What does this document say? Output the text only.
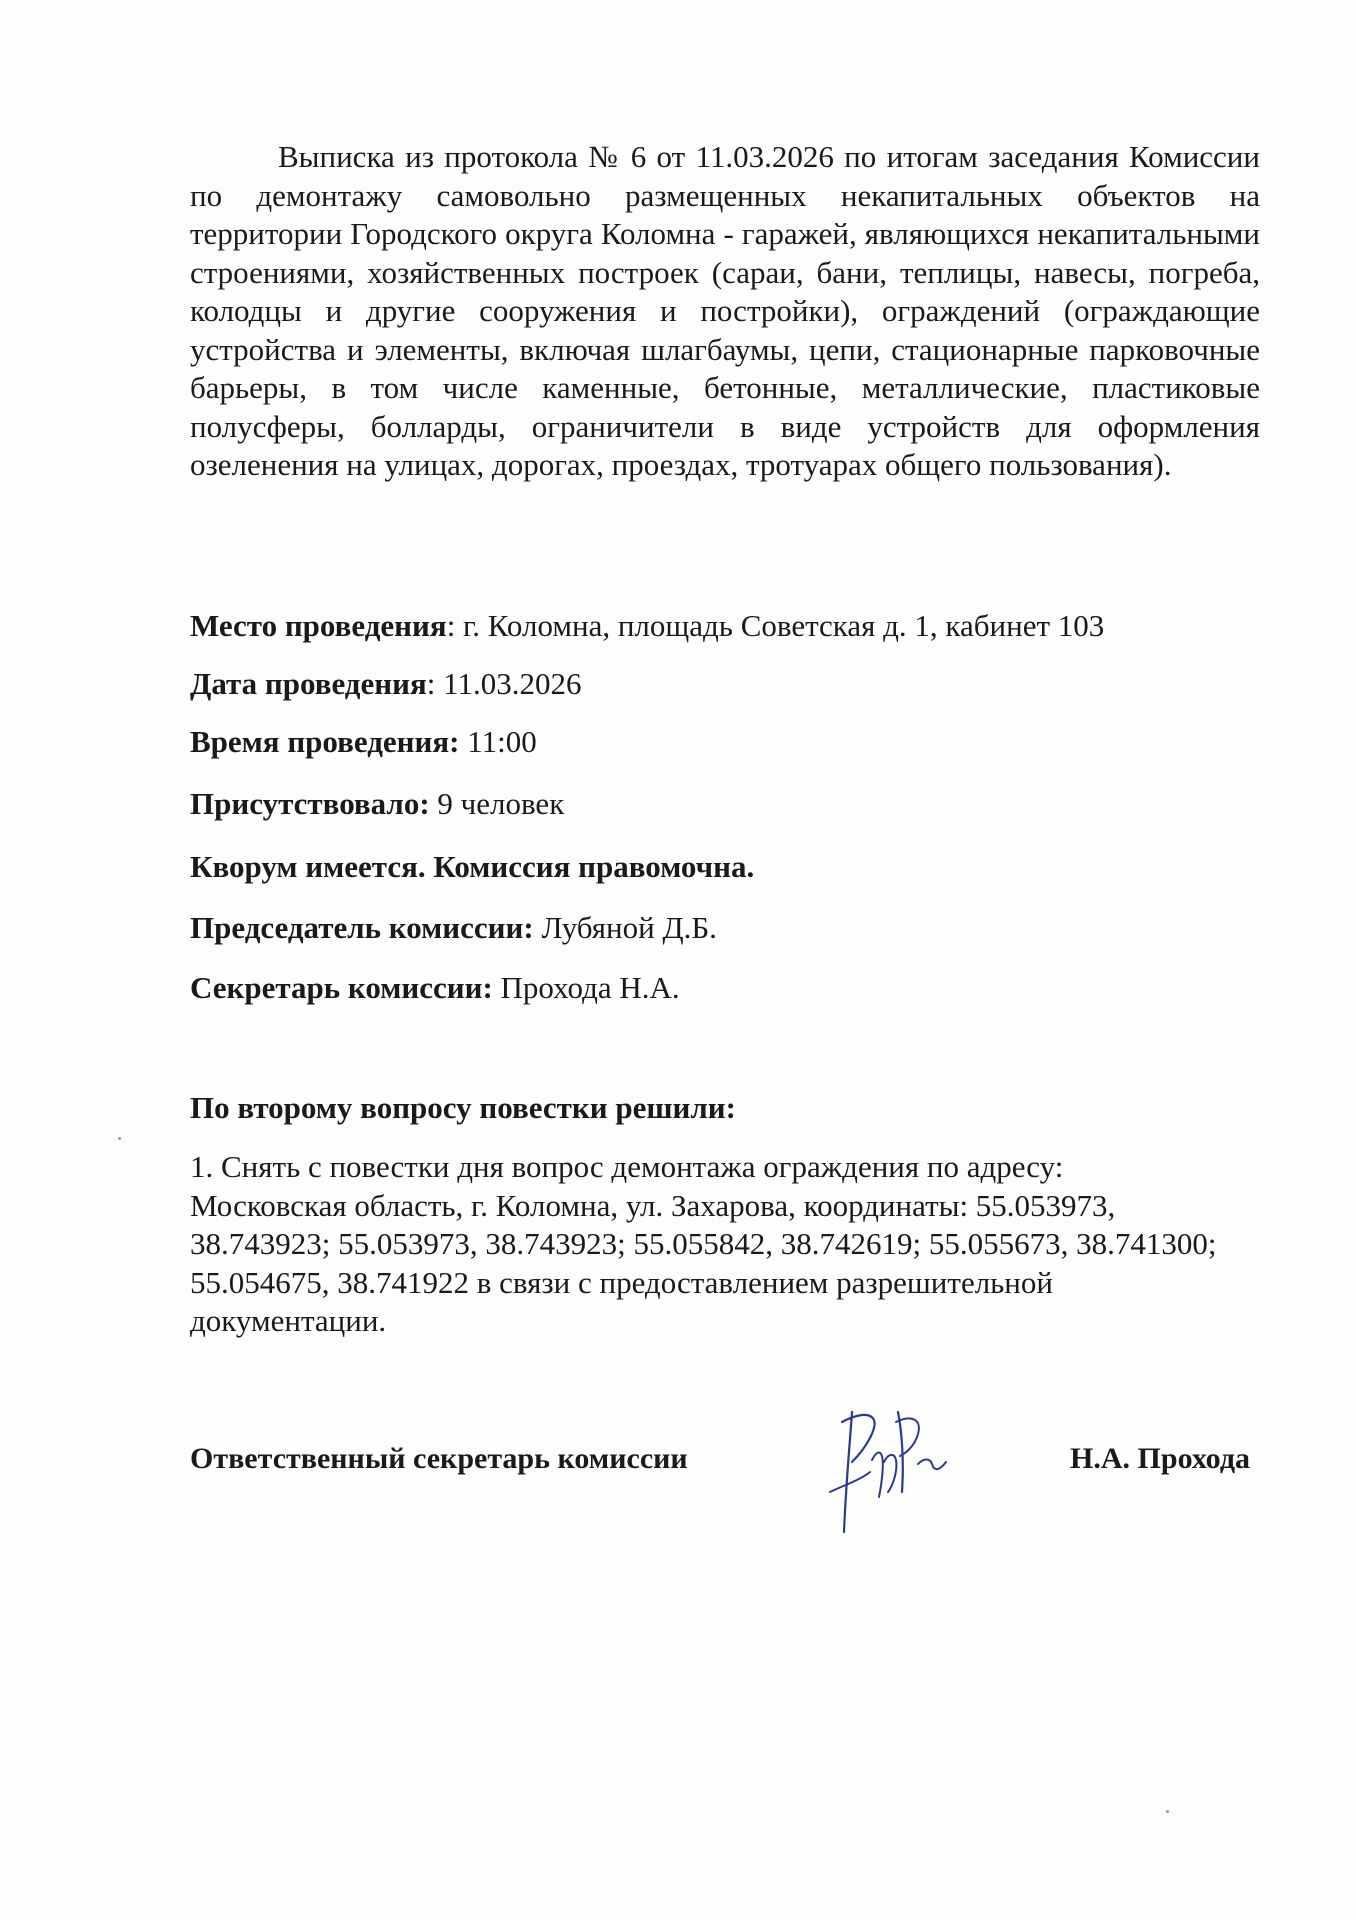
Выписка из протокола № 6 от 11.03.2026 по итогам заседания Комиссии по демонтажу самовольно размещенных некапитальных объектов на территории Городского округа Коломна - гаражей, являющихся некапитальными строениями, хозяйственных построек (сараи, бани, теплицы, навесы, погреба, колодцы и другие сооружения и постройки), ограждений (ограждающие устройства и элементы, включая шлагбаумы, цепи, стационарные парковочные барьеры, в том числе каменные, бетонные, металлические, пластиковые полусферы, болларды, ограничители в виде устройств для оформления озеленения на улицах, дорогах, проездах, тротуарах общего пользования).

Место проведения: г. Коломна, площадь Советская д. 1, кабинет 103

Дата проведения: 11.03.2026

Время проведения: 11:00

Присутствовало: 9 человек

Кворум имеется. Комиссия правомочна.

Председатель комиссии: Лубяной Д.Б.

Секретарь комиссии: Прохода Н.А.

По второму вопросу повестки решили:

1. Снять с повестки дня вопрос демонтажа ограждения по адресу:
Московская область, г. Коломна, ул. Захарова, координаты: 55.053973,
38.743923; 55.053973, 38.743923; 55.055842, 38.742619; 55.055673, 38.741300;
55.054675, 38.741922 в связи с предоставлением разрешительной
документации.
Ответственный секретарь комиссии	Н.А. Прохода
